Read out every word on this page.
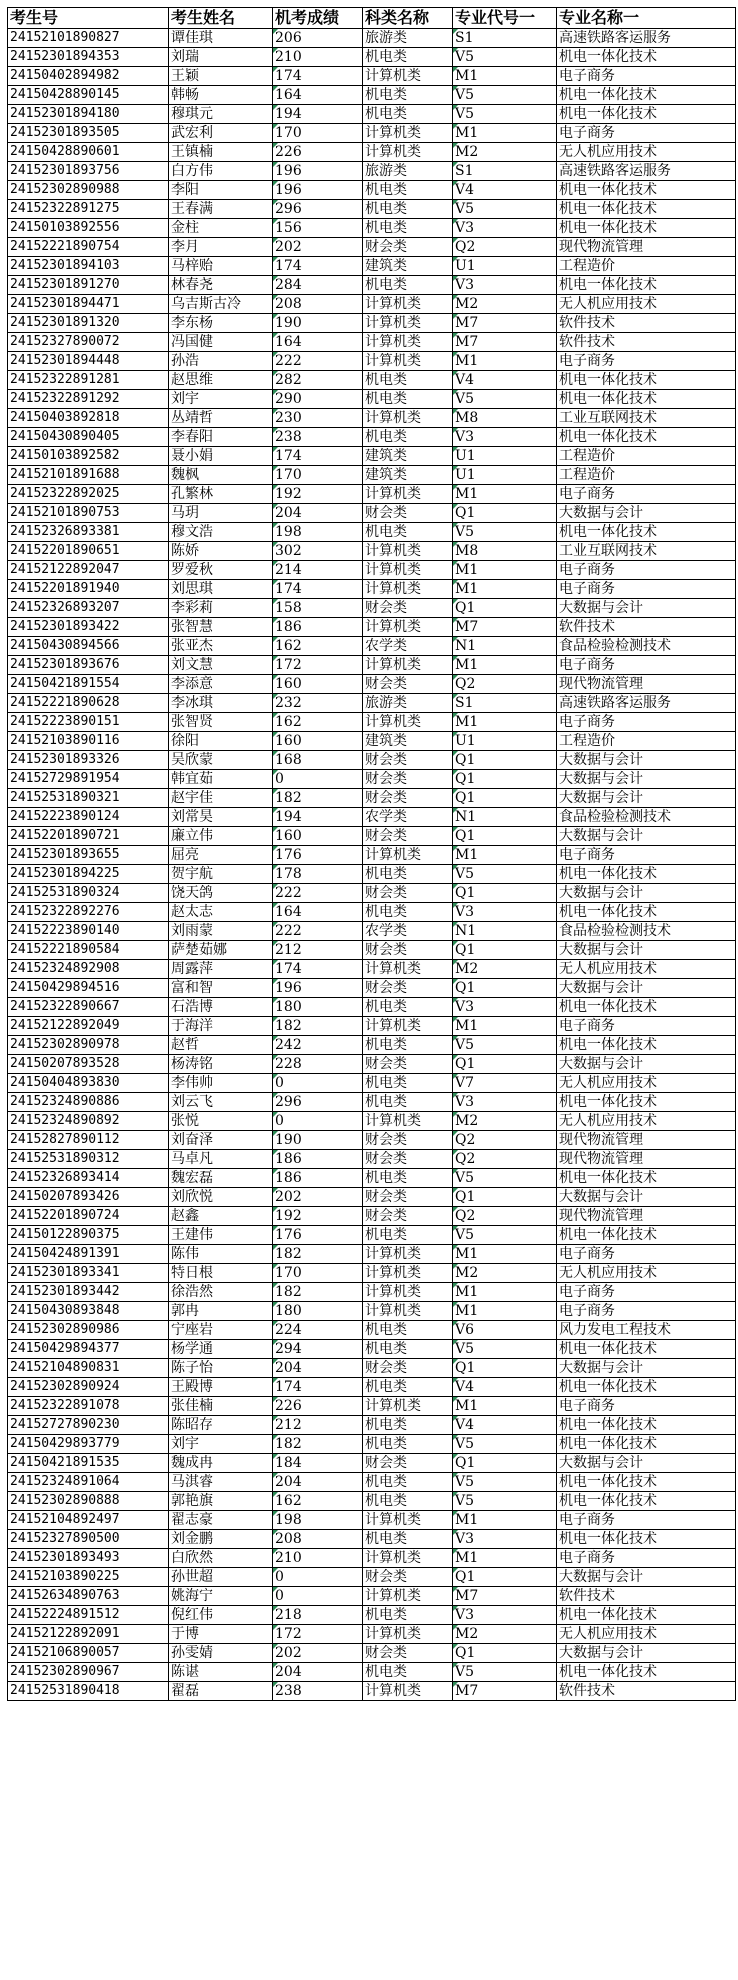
考生号	考生姓名	机考成绩	科类名称	专业代号一	专业名称一
24152101890827	谭佳琪	206	旅游类	S1	高速铁路客运服务
24152301894353	刘瑞	210	机电类	V5	机电一体化技术
24150402894982	王颖	174	计算机类	M1	电子商务
24150428890145	韩畅	164	机电类	V5	机电一体化技术
24152301894180	穆琪元	194	机电类	V5	机电一体化技术
24152301893505	武宏利	170	计算机类	M1	电子商务
24150428890601	王镇楠	226	计算机类	M2	无人机应用技术
24152301893756	白方伟	196	旅游类	S1	高速铁路客运服务
24152302890988	李阳	196	机电类	V4	机电一体化技术
24152322891275	王春满	296	机电类	V5	机电一体化技术
24150103892556	金柱	156	机电类	V3	机电一体化技术
24152221890754	李月	202	财会类	Q2	现代物流管理
24152301894103	马梓贻	174	建筑类	U1	工程造价
24152301891270	林春尧	284	机电类	V3	机电一体化技术
24152301894471	乌吉斯古冷	208	计算机类	M2	无人机应用技术
24152301891320	李东杨	190	计算机类	M7	软件技术
24152327890072	冯国健	164	计算机类	M7	软件技术
24152301894448	孙浩	222	计算机类	M1	电子商务
24152322891281	赵思维	282	机电类	V4	机电一体化技术
24152322891292	刘宇	290	机电类	V5	机电一体化技术
24150403892818	丛靖哲	230	计算机类	M8	工业互联网技术
24150430890405	李春阳	238	机电类	V3	机电一体化技术
24150103892582	聂小娟	174	建筑类	U1	工程造价
24152101891688	魏枫	170	建筑类	U1	工程造价
24152322892025	孔繁林	192	计算机类	M1	电子商务
24152101890753	马玥	204	财会类	Q1	大数据与会计
24152326893381	穆文浩	198	机电类	V5	机电一体化技术
24152201890651	陈娇	302	计算机类	M8	工业互联网技术
24152122892047	罗爱秋	214	计算机类	M1	电子商务
24152201891940	刘思琪	174	计算机类	M1	电子商务
24152326893207	李彩莉	158	财会类	Q1	大数据与会计
24152301893422	张智慧	186	计算机类	M7	软件技术
24150430894566	张亚杰	162	农学类	N1	食品检验检测技术
24152301893676	刘文慧	172	计算机类	M1	电子商务
24150421891554	李添意	160	财会类	Q2	现代物流管理
24152221890628	李冰琪	232	旅游类	S1	高速铁路客运服务
24152223890151	张智贤	162	计算机类	M1	电子商务
24152103890116	徐阳	160	建筑类	U1	工程造价
24152301893326	吴欣蒙	168	财会类	Q1	大数据与会计
24152729891954	韩宜茹	0	财会类	Q1	大数据与会计
24152531890321	赵宇佳	182	财会类	Q1	大数据与会计
24152223890124	刘常昊	194	农学类	N1	食品检验检测技术
24152201890721	廉立伟	160	财会类	Q1	大数据与会计
24152301893655	屈亮	176	计算机类	M1	电子商务
24152301894225	贺宇航	178	机电类	V5	机电一体化技术
24152531890324	饶天鸽	222	财会类	Q1	大数据与会计
24152322892276	赵太志	164	机电类	V3	机电一体化技术
24152223890140	刘雨蒙	222	农学类	N1	食品检验检测技术
24152221890584	萨楚茹娜	212	财会类	Q1	大数据与会计
24152324892908	周露萍	174	计算机类	M2	无人机应用技术
24150429894516	富和智	196	财会类	Q1	大数据与会计
24152322890667	石浩博	180	机电类	V3	机电一体化技术
24152122892049	于海洋	182	计算机类	M1	电子商务
24152302890978	赵哲	242	机电类	V5	机电一体化技术
24150207893528	杨涛铭	228	财会类	Q1	大数据与会计
24150404893830	李伟帅	0	机电类	V7	无人机应用技术
24152324890886	刘云飞	296	机电类	V3	机电一体化技术
24152324890892	张悦	0	计算机类	M2	无人机应用技术
24152827890112	刘奋泽	190	财会类	Q2	现代物流管理
24152531890312	马卓凡	186	财会类	Q2	现代物流管理
24152326893414	魏宏磊	186	机电类	V5	机电一体化技术
24150207893426	刘欣悦	202	财会类	Q1	大数据与会计
24152201890724	赵鑫	192	财会类	Q2	现代物流管理
24150122890375	王建伟	176	机电类	V5	机电一体化技术
24150424891391	陈伟	182	计算机类	M1	电子商务
24152301893341	特日根	170	计算机类	M2	无人机应用技术
24152301893442	徐浩然	182	计算机类	M1	电子商务
24150430893848	郭冉	180	计算机类	M1	电子商务
24152302890986	宁座岩	224	机电类	V6	风力发电工程技术
24150429894377	杨学通	294	机电类	V5	机电一体化技术
24152104890831	陈子怡	204	财会类	Q1	大数据与会计
24152302890924	王殿博	174	机电类	V4	机电一体化技术
24152322891078	张佳楠	226	计算机类	M1	电子商务
24152727890230	陈昭存	212	机电类	V4	机电一体化技术
24150429893779	刘宇	182	机电类	V5	机电一体化技术
24150421891535	魏成冉	184	财会类	Q1	大数据与会计
24152324891064	马淇睿	204	机电类	V5	机电一体化技术
24152302890888	郭艳旗	162	机电类	V5	机电一体化技术
24152104892497	翟志豪	198	计算机类	M1	电子商务
24152327890500	刘金鹏	208	机电类	V3	机电一体化技术
24152301893493	白欣然	210	计算机类	M1	电子商务
24152103890225	孙世超	0	财会类	Q1	大数据与会计
24152634890763	姚海宁	0	计算机类	M7	软件技术
24152224891512	倪红伟	218	机电类	V3	机电一体化技术
24152122892091	于博	172	计算机类	M2	无人机应用技术
24152106890057	孙雯婧	202	财会类	Q1	大数据与会计
24152302890967	陈谌	204	机电类	V5	机电一体化技术
24152531890418	翟磊	238	计算机类	M7	软件技术
